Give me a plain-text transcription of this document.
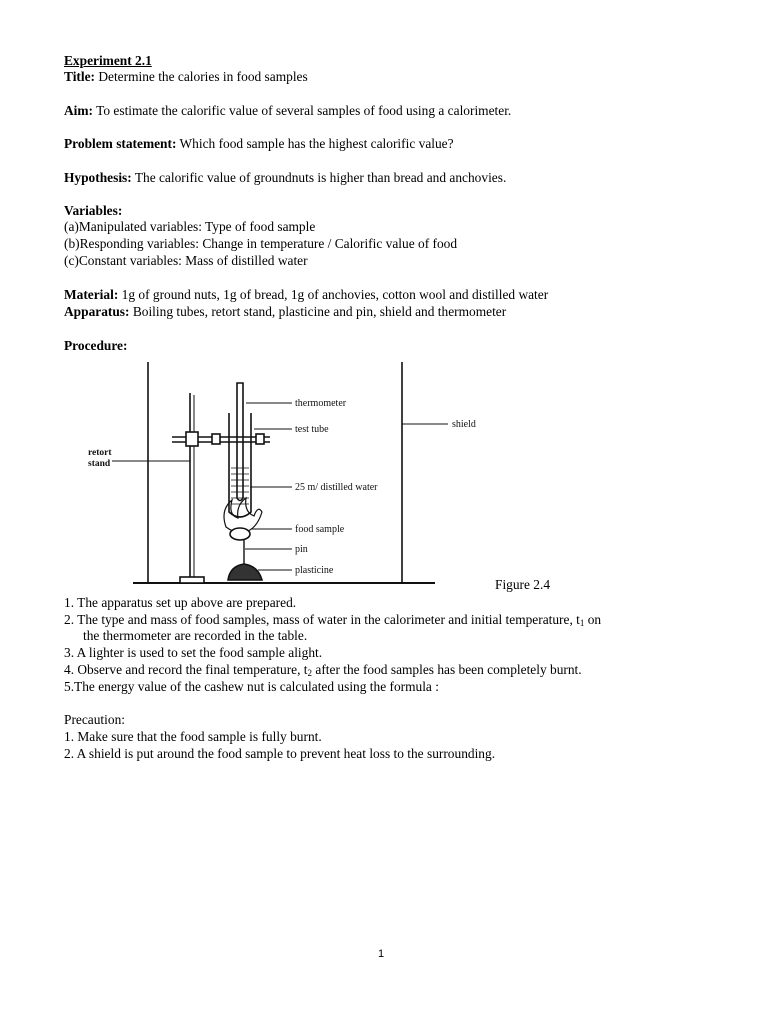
Experiment 2.1
Title: Determine the calories in food samples
Aim: To estimate the calorific value of several samples of food using a calorimeter.
Problem statement: Which food sample has the highest calorific value?
Hypothesis: The calorific value of groundnuts is higher than bread and anchovies.
Variables:
(a)Manipulated variables: Type of food sample
(b)Responding variables: Change in temperature / Calorific value of food
(c)Constant variables: Mass of distilled water
Material: 1g of ground nuts, 1g of bread, 1g of anchovies, cotton wool and distilled water
Apparatus: Boiling tubes, retort stand, plasticine and pin, shield and thermometer
Procedure:
thermometer
test tube
25 m/ distilled water
food sample
pin
plasticine
shield
retort
stand
Figure 2.4
1. The apparatus set up above are prepared.
2. The type and mass of food samples, mass of water in the calorimeter and initial temperature, $t_1$ on
the thermometer are recorded in the table.
3. A lighter is used to set the food sample alight.
4. Observe and record the final temperature, $t_2$ after the food samples has been completely burnt.
5.The energy value of the cashew nut is calculated using the formula :
Precaution:
1. Make sure that the food sample is fully burnt.
2. A shield is put around the food sample to prevent heat loss to the surrounding.
1
